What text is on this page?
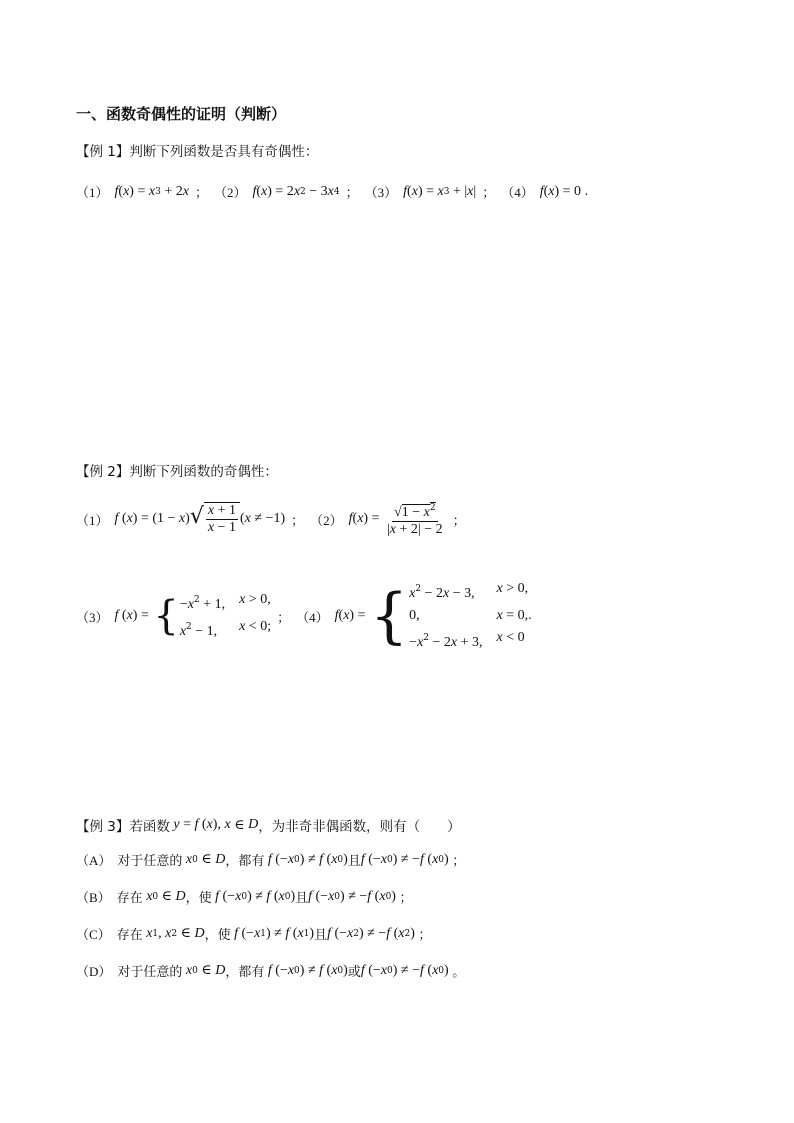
一、函数奇偶性的证明（判断）
【例 1】判断下列函数是否具有奇偶性：
（1） f ( x ) = x 3 + 2 x ； （2） f ( x ) = 2 x 2 − 3 x 4 ； （3） f ( x ) = x 3 + | x | ； （4） f ( x ) = 0 .
【例 2】判断下列函数的奇偶性：
（1） f ( x ) = (1 − x ) √ $\frac{x + 1}{x - 1}$ ( x ≠ −1) ； （2） f ( x ) = $\frac{√1 - x^2}{|x + 2| - 2}$ ；
（3） f ( x ) = { $-x^2 + 1$, x > 0,
$x^2 - 1$,	x < 0;
； （4） f ( x ) = { $x^2 - 2x - 3$,	x > 0,
0,	x = 0,
$-x^2 - 2x + 3$, x < 0
.
【例 3】若函数 y = f ( x ), x ∈ D ，为非奇非偶函数，则有（　　）
（A） 对于任意的 x 0 ∈ D ，都有 f (− x 0 ) ≠ f ( x 0 ) 且 f (− x 0 ) ≠ − f ( x 0 ) ；
（B） 存在 x 0 ∈ D ，使 f (− x 0 ) ≠ f ( x 0 ) 且 f (− x 0 ) ≠ − f ( x 0 ) ；
（C） 存在 x 1 , x 2 ∈ D ，使 f (− x 1 ) ≠ f ( x 1 ) 且 f (− x 2 ) ≠ − f ( x 2 ) ；
（D） 对于任意的 x 0 ∈ D ，都有 f (− x 0 ) ≠ f ( x 0 ) 或 f (− x 0 ) ≠ − f ( x 0 ) 。
